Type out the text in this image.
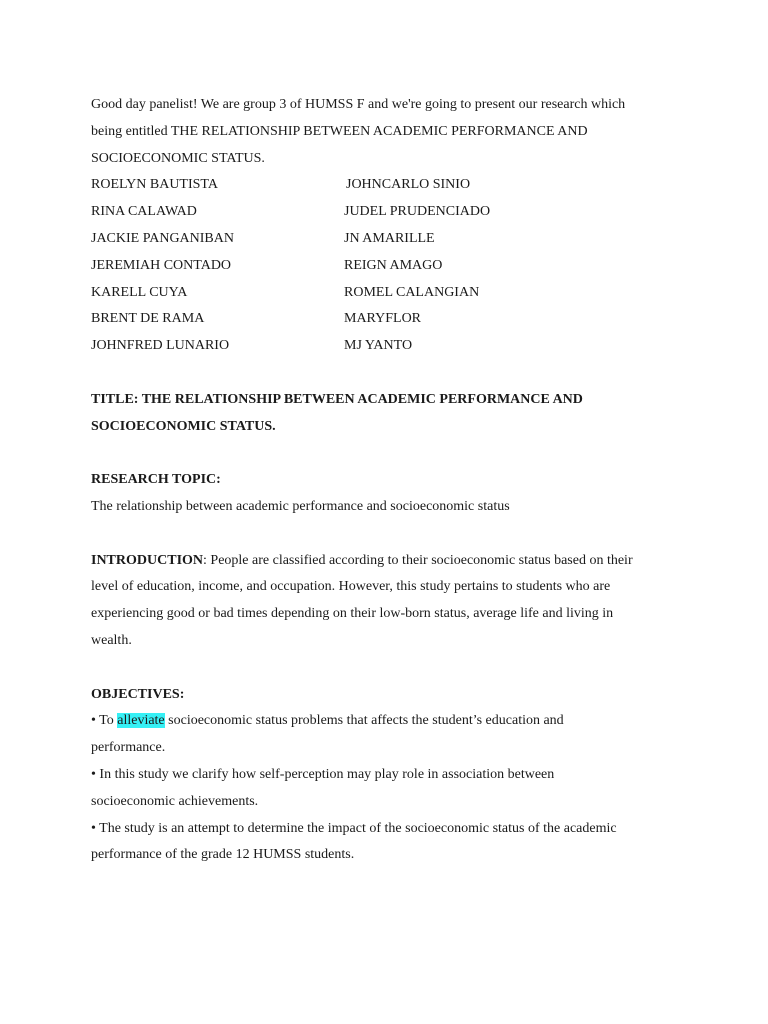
Good day panelist! We are group 3 of HUMSS F and we're going to present our research which
being entitled THE RELATIONSHIP BETWEEN ACADEMIC PERFORMANCE AND
SOCIOECONOMIC STATUS.
ROELYN BAUTISTA	JOHNCARLO SINIO
RINA CALAWAD	JUDEL PRUDENCIADO
JACKIE PANGANIBAN	JN AMARILLE
JEREMIAH CONTADO	REIGN AMAGO
KARELL CUYA	ROMEL CALANGIAN
BRENT DE RAMA	MARYFLOR
JOHNFRED LUNARIO	MJ YANTO
TITLE: THE RELATIONSHIP BETWEEN ACADEMIC PERFORMANCE AND
SOCIOECONOMIC STATUS.
RESEARCH TOPIC:
The relationship between academic performance and socioeconomic status
INTRODUCTION: People are classified according to their socioeconomic status based on their
level of education, income, and occupation. However, this study pertains to students who are
experiencing good or bad times depending on their low-born status, average life and living in
wealth.
OBJECTIVES:
• To alleviate socioeconomic status problems that affects the student’s education and
performance.
• In this study we clarify how self-perception may play role in association between
socioeconomic achievements.
• The study is an attempt to determine the impact of the socioeconomic status of the academic
performance of the grade 12 HUMSS students.
